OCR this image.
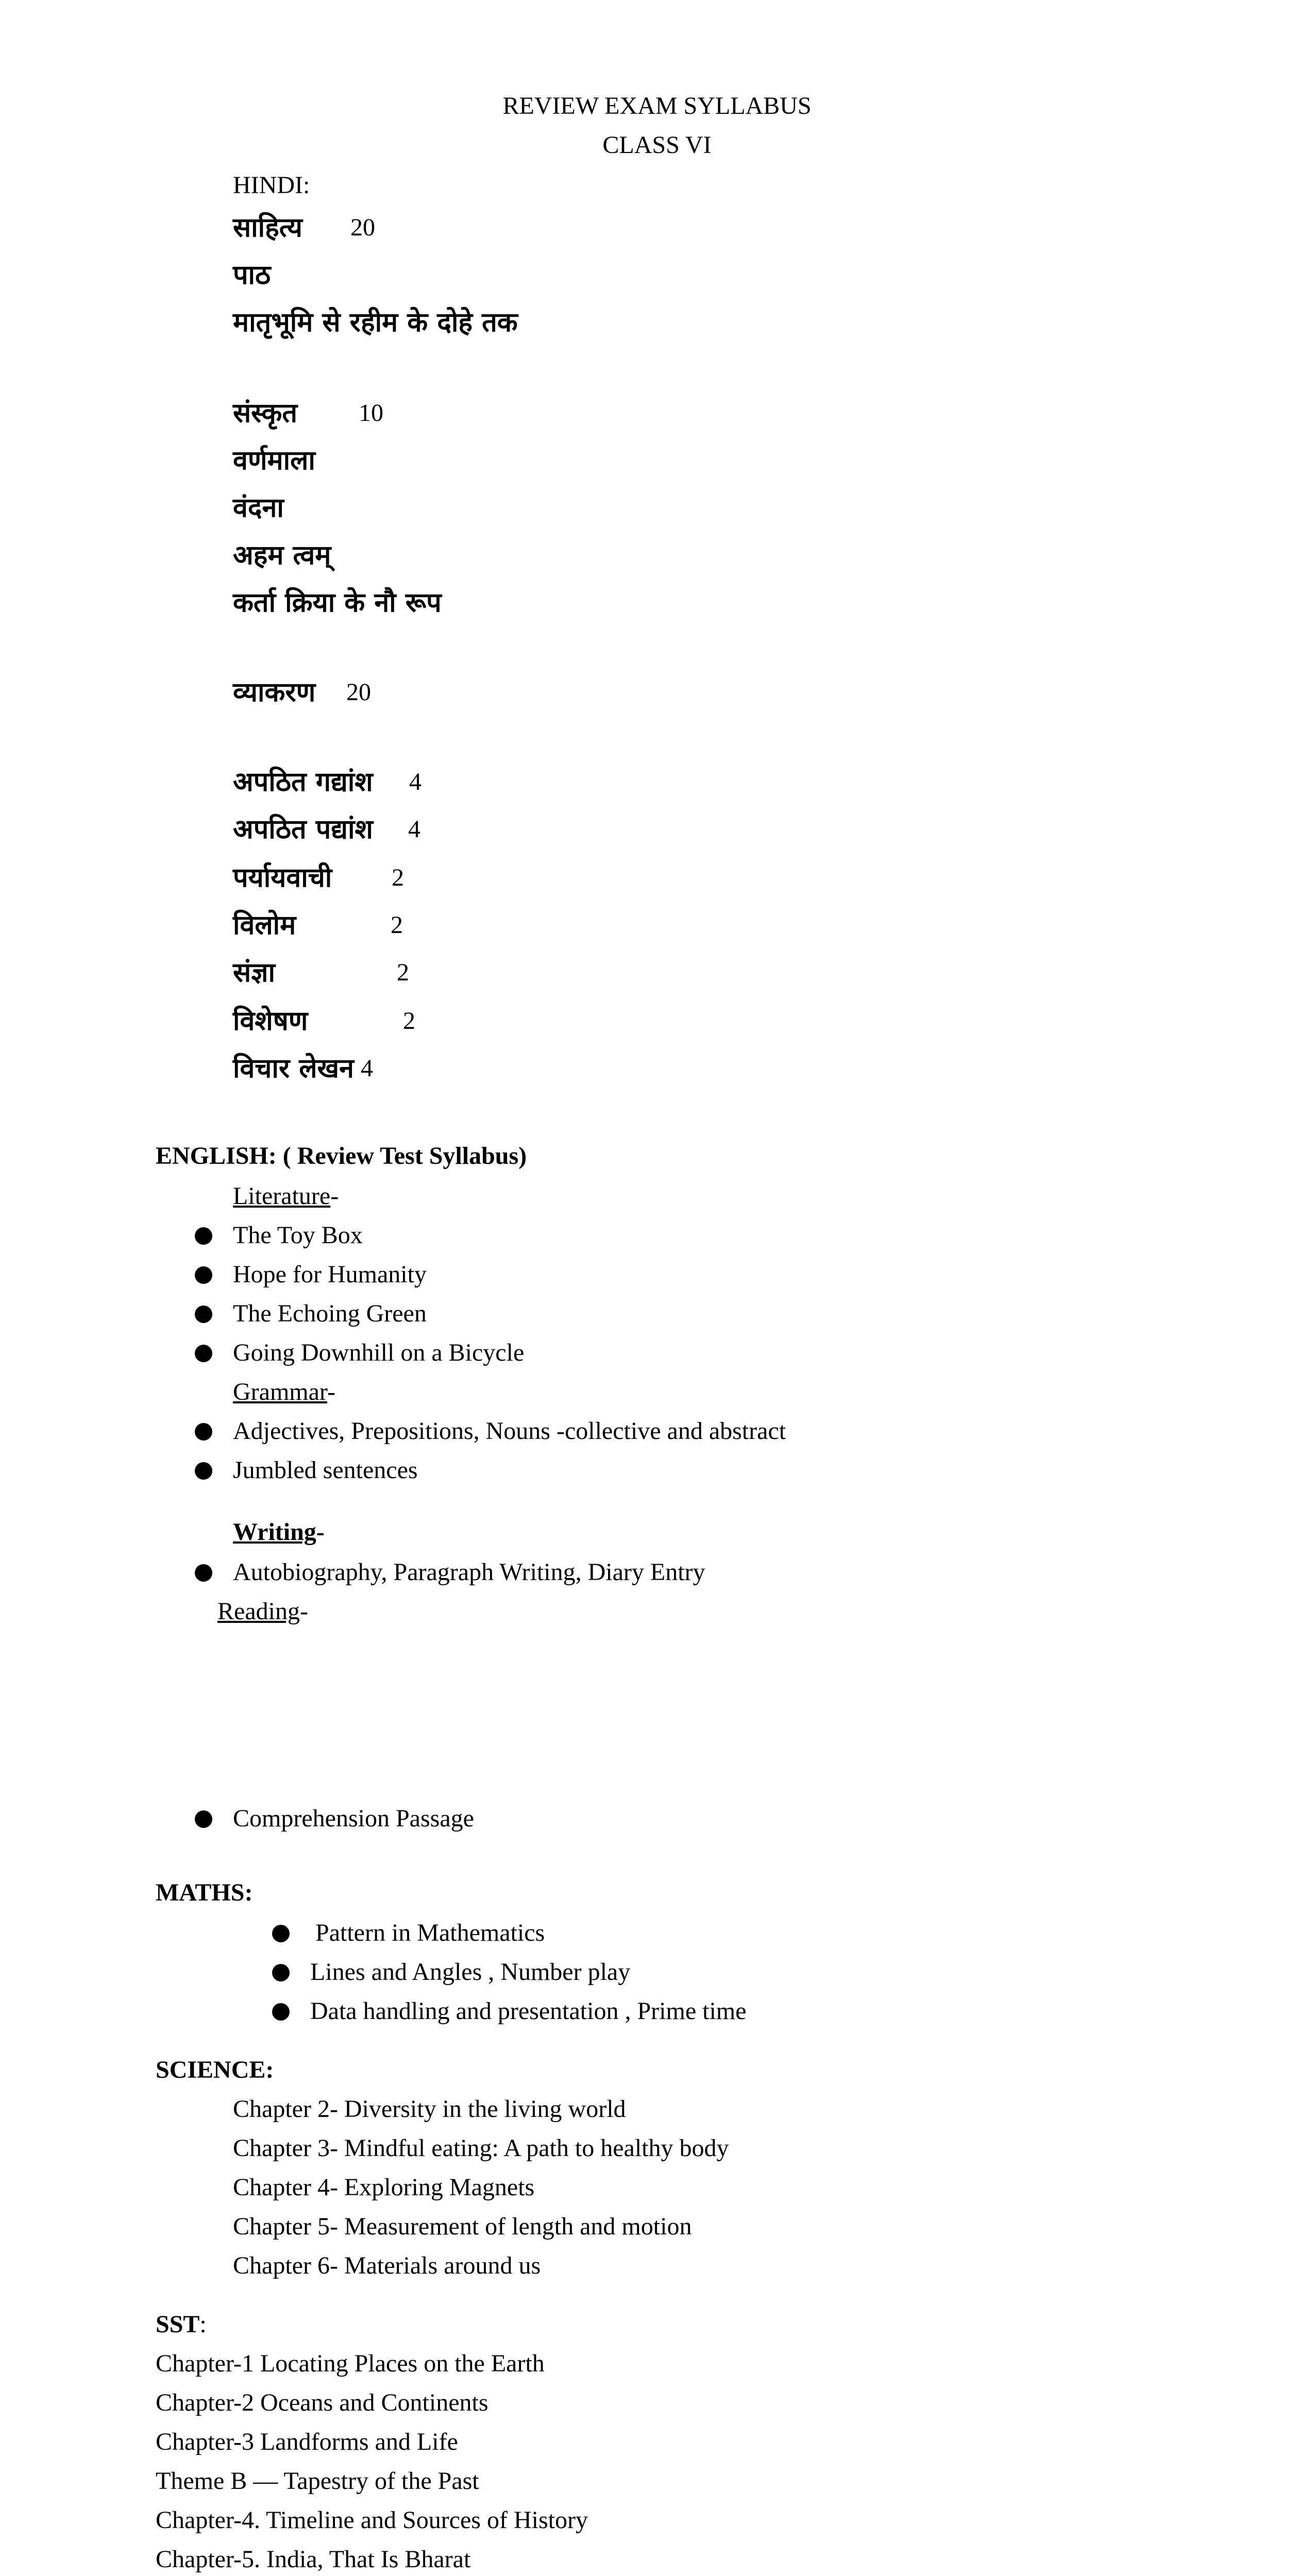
REVIEW EXAM SYLLABUS
CLASS VI
HINDI:
साहित्य 20
पाठ
मातृभूमि से रहीम के दोहे तक
संस्कृत 10
वर्णमाला
वंदना
अहम त्वम्
कर्ता क्रिया के नौ रूप
व्याकरण 20
अपठित गद्यांश 4
अपठित पद्यांश 4
पर्यायवाची 2
विलोम	2
संज्ञा	2
विशेषण	2
विचार लेखन 4
ENGLISH: ( Review Test Syllabus)
Literature-
The Toy Box
Hope for Humanity
The Echoing Green
Going Downhill on a Bicycle
Grammar-
Adjectives, Prepositions, Nouns -collective and abstract
Jumbled sentences
Writing-
Autobiography, Paragraph Writing, Diary Entry
Reading-
Comprehension Passage
MATHS:
Pattern in Mathematics
Lines and Angles , Number play
Data handling and presentation , Prime time
SCIENCE:
Chapter 2- Diversity in the living world
Chapter 3- Mindful eating: A path to healthy body
Chapter 4- Exploring Magnets
Chapter 5- Measurement of length and motion
Chapter 6- Materials around us
SST:
Chapter-1 Locating Places on the Earth
Chapter-2 Oceans and Continents
Chapter-3 Landforms and Life
Theme B — Tapestry of the Past
Chapter-4. Timeline and Sources of History
Chapter-5. India, That Is Bharat
